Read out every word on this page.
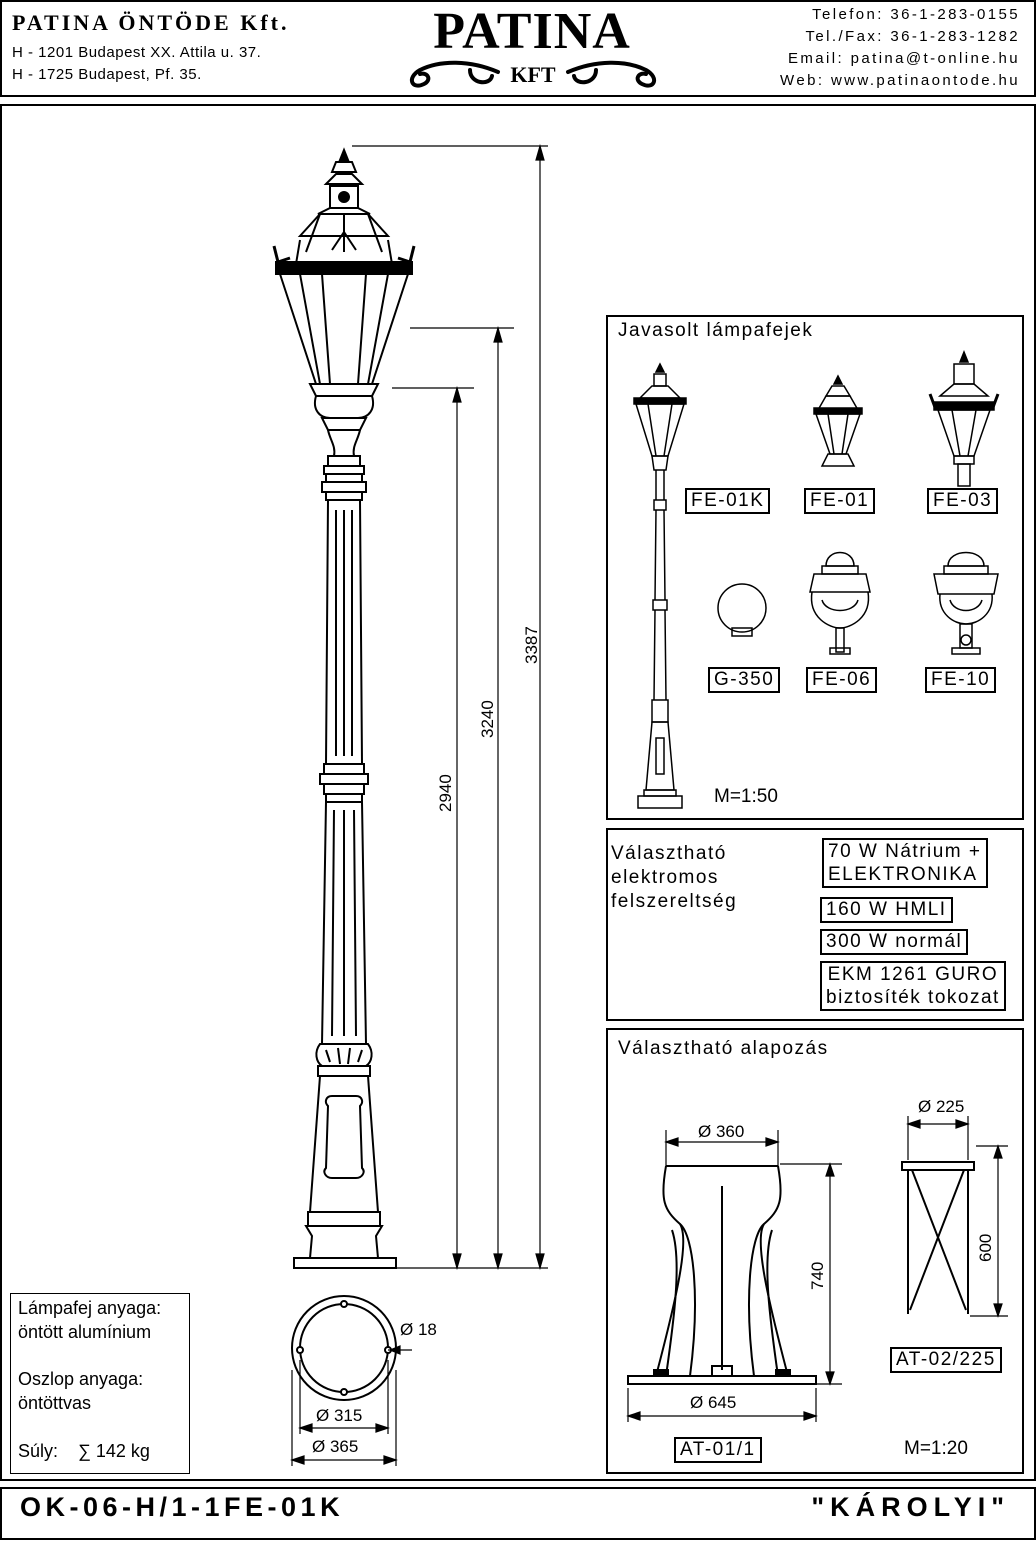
PATINA ÖNTÖDE Kft.
H - 1201 Budapest XX. Attila u. 37.
H - 1725 Budapest, Pf. 35.
PATINA
KFT
Telefon: 36-1-283-0155
Tel./Fax: 36-1-283-1282
Email: patina@t-online.hu
Web: www.patinaontode.hu
3387
3240
2940
Ø 18
Ø 315
Ø 365
Lámpafej anyaga:
öntött alumínium
Oszlop anyaga:
öntöttvas
Súly: ∑ 142 kg
Javasolt lámpafejek
FE-01K	FE-01	FE-03
G-350	FE-06	FE-10
M=1:50
Választható
elektromos
felszereltség
70 W Nátrium +
ELEKTRONIKA
160 W HMLI
300 W normál
EKM 1261 GURO
biztosíték tokozat
Választható alapozás
Ø 360
740
Ø 645
AT-01/1
Ø 225
600
AT-02/225
M=1:20
OK-06-H/1-1FE-01K	"KÁROLYI"
